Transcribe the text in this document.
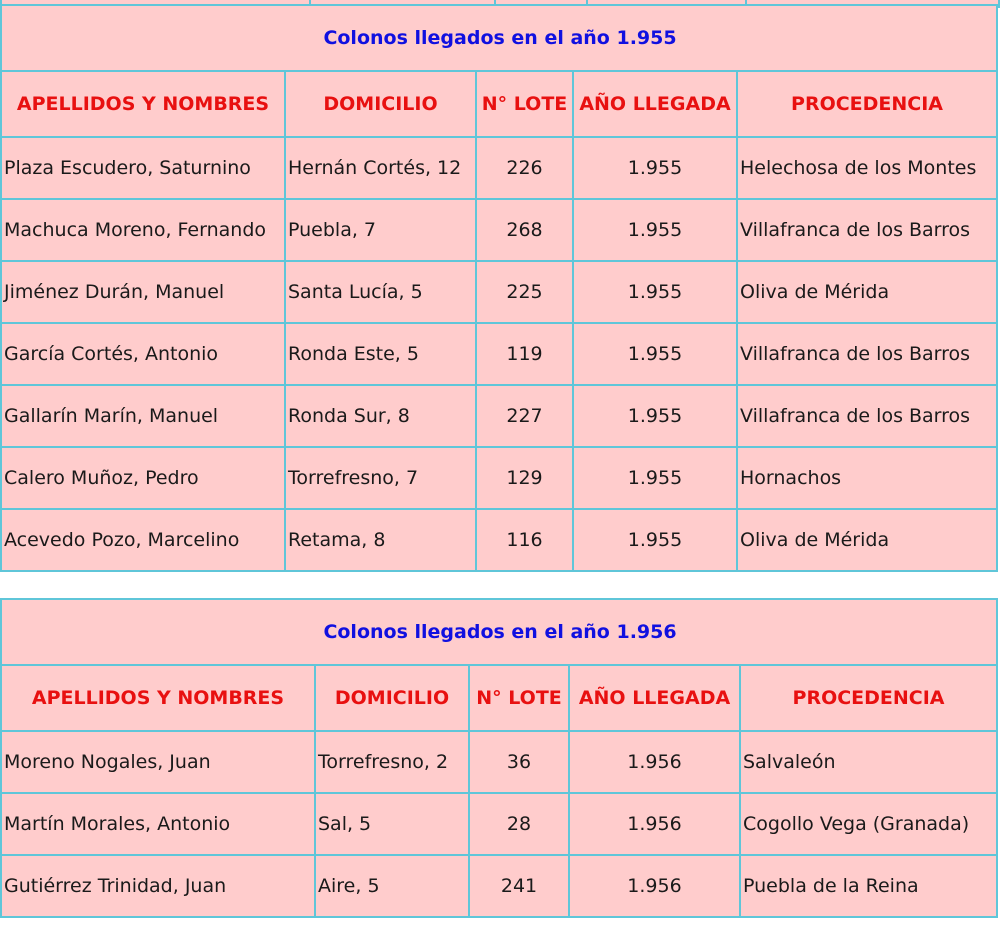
Colonos llegados en el año 1.955				
APELLIDOS Y NOMBRES	DOMICILIO	N° LOTE	AÑO LLEGADA	PROCEDENCIA
Plaza Escudero, Saturnino	Hernán Cortés, 12	226	1.955	Helechosa de los Montes
Machuca Moreno, Fernando	Puebla, 7	268	1.955	Villafranca de los Barros
Jiménez Durán, Manuel	Santa Lucía, 5	225	1.955	Oliva de Mérida
García Cortés, Antonio	Ronda Este, 5	119	1.955	Villafranca de los Barros
Gallarín Marín, Manuel	Ronda Sur, 8	227	1.955	Villafranca de los Barros
Calero Muñoz, Pedro	Torrefresno, 7	129	1.955	Hornachos
Acevedo Pozo, Marcelino	Retama, 8	116	1.955	Oliva de Mérida
Colonos llegados en el año 1.956				
APELLIDOS Y NOMBRES	DOMICILIO	N° LOTE	AÑO LLEGADA	PROCEDENCIA
Moreno Nogales, Juan	Torrefresno, 2	36	1.956	Salvaleón
Martín Morales, Antonio	Sal, 5	28	1.956	Cogollo Vega (Granada)
Gutiérrez Trinidad, Juan	Aire, 5	241	1.956	Puebla de la Reina
